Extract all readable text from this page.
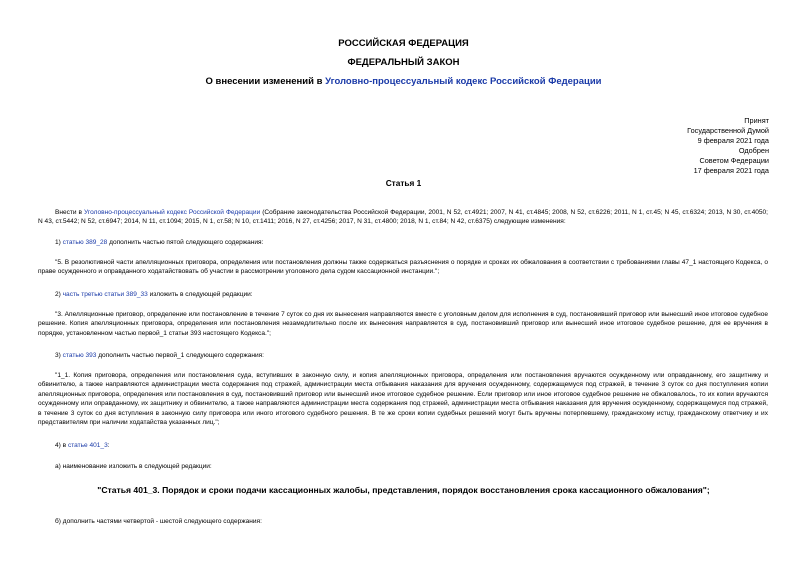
РОССИЙСКАЯ ФЕДЕРАЦИЯ
ФЕДЕРАЛЬНЫЙ ЗАКОН
О внесении изменений в Уголовно-процессуальный кодекс Российской Федерации
Принят
Государственной Думой
9 февраля 2021 года
Одобрен
Советом Федерации
17 февраля 2021 года
Статья 1
Внести в Уголовно-процессуальный кодекс Российской Федерации (Собрание законодательства Российской Федерации, 2001, N 52, ст.4921; 2007, N 41, ст.4845; 2008, N 52, ст.6226; 2011, N 1, ст.45; N 45, ст.6324; 2013, N 30, ст.4050; N 43, ст.5442; N 52, ст.6947; 2014, N 11, ст.1094; 2015, N 1, ст.58; N 10, ст.1411; 2016, N 27, ст.4256; 2017, N 31, ст.4800; 2018, N 1, ст.84; N 42, ст.6375) следующие изменения:
1) статью 389_28 дополнить частью пятой следующего содержания:
"5. В резолютивной части апелляционных приговора, определения или постановления должны также содержаться разъяснения о порядке и сроках их обжалования в соответствии с требованиями главы 47_1 настоящего Кодекса, о праве осужденного и оправданного ходатайствовать об участии в рассмотрении уголовного дела судом кассационной инстанции.";
2) часть третью статьи 389_33 изложить в следующей редакции:
"3. Апелляционные приговор, определение или постановление в течение 7 суток со дня их вынесения направляются вместе с уголовным делом для исполнения в суд, постановивший приговор или вынесший иное итоговое судебное решение. Копия апелляционных приговора, определения или постановления незамедлительно после их вынесения направляется в суд, постановивший приговор или вынесший иное итоговое судебное решение, для ее вручения в порядке, установленном частью первой_1 статьи 393 настоящего Кодекса.";
3) статью 393 дополнить частью первой_1 следующего содержания:
"1_1. Копия приговора, определения или постановления суда, вступивших в законную силу, и копия апелляционных приговора, определения или постановления вручаются осужденному или оправданному, его защитнику и обвинителю, а также направляются администрации места содержания под стражей, администрации места отбывания наказания для вручения осужденному, содержащемуся под стражей, в течение 3 суток со дня поступления копии апелляционных приговора, определения или постановления в суд, постановивший приговор или вынесший иное итоговое судебное решение. Если приговор или иное итоговое судебное решение не обжаловалось, то их копии вручаются осужденному или оправданному, их защитнику и обвинителю, а также направляются администрации места содержания под стражей, администрации места отбывания наказания для вручения осужденному, содержащемуся под стражей, в течение 3 суток со дня вступления в законную силу приговора или иного итогового судебного решения. В те же сроки копии судебных решений могут быть вручены потерпевшему, гражданскому истцу, гражданскому ответчику и их представителям при наличии ходатайства указанных лиц.";
4) в статье 401_3:
а) наименование изложить в следующей редакции:
"Статья 401_3. Порядок и сроки подачи кассационных жалобы, представления, порядок восстановления срока кассационного обжалования";
б) дополнить частями четвертой - шестой следующего содержания:
